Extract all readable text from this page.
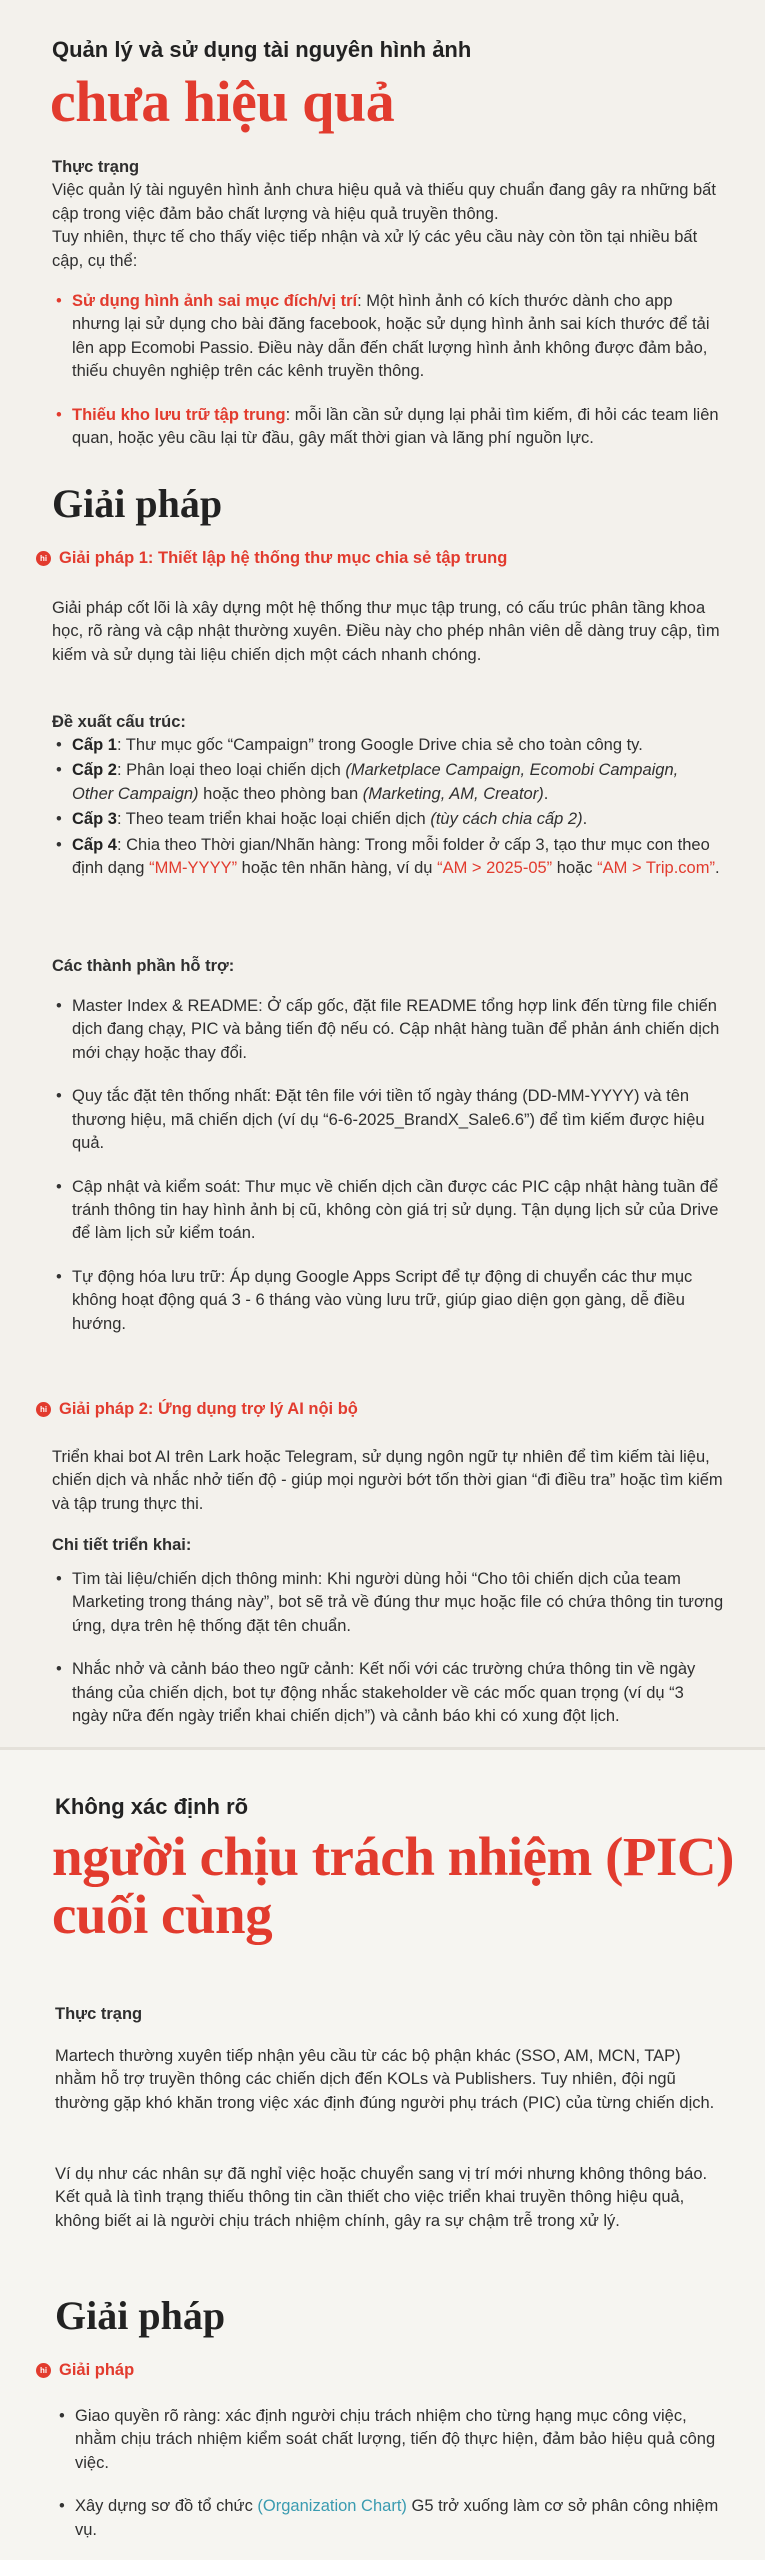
Quản lý và sử dụng tài nguyên hình ảnh
chưa hiệu quả
Thực trạng
Việc quản lý tài nguyên hình ảnh chưa hiệu quả và thiếu quy chuẩn đang gây ra những bất cập trong việc đảm bảo chất lượng và hiệu quả truyền thông.
Tuy nhiên, thực tế cho thấy việc tiếp nhận và xử lý các yêu cầu này còn tồn tại nhiều bất cập, cụ thể:
• Sử dụng hình ảnh sai mục đích/vị trí: Một hình ảnh có kích thước dành cho app nhưng lại sử dụng cho bài đăng facebook, hoặc sử dụng hình ảnh sai kích thước để tải lên app Ecomobi Passio. Điều này dẫn đến chất lượng hình ảnh không được đảm bảo, thiếu chuyên nghiệp trên các kênh truyền thông.
• Thiếu kho lưu trữ tập trung: mỗi lần cần sử dụng lại phải tìm kiếm, đi hỏi các team liên quan, hoặc yêu cầu lại từ đầu, gây mất thời gian và lãng phí nguồn lực.
Giải pháp
hi Giải pháp 1: Thiết lập hệ thống thư mục chia sẻ tập trung
Giải pháp cốt lõi là xây dựng một hệ thống thư mục tập trung, có cấu trúc phân tầng khoa học, rõ ràng và cập nhật thường xuyên. Điều này cho phép nhân viên dễ dàng truy cập, tìm kiếm và sử dụng tài liệu chiến dịch một cách nhanh chóng.
Đề xuất cấu trúc:
• Cấp 1: Thư mục gốc “Campaign” trong Google Drive chia sẻ cho toàn công ty.
• Cấp 2: Phân loại theo loại chiến dịch (Marketplace Campaign, Ecomobi Campaign, Other Campaign) hoặc theo phòng ban (Marketing, AM, Creator).
• Cấp 3: Theo team triển khai hoặc loại chiến dịch (tùy cách chia cấp 2).
• Cấp 4: Chia theo Thời gian/Nhãn hàng: Trong mỗi folder ở cấp 3, tạo thư mục con theo định dạng “MM-YYYY” hoặc tên nhãn hàng, ví dụ “AM > 2025-05” hoặc “AM > Trip.com”.
Các thành phần hỗ trợ:
• Master Index & README: Ở cấp gốc, đặt file README tổng hợp link đến từng file chiến dịch đang chạy, PIC và bảng tiến độ nếu có. Cập nhật hàng tuần để phản ánh chiến dịch mới chạy hoặc thay đổi.
• Quy tắc đặt tên thống nhất: Đặt tên file với tiền tố ngày tháng (DD-MM-YYYY) và tên thương hiệu, mã chiến dịch (ví dụ “6-6-2025_BrandX_Sale6.6”) để tìm kiếm được hiệu quả.
• Cập nhật và kiểm soát: Thư mục về chiến dịch cần được các PIC cập nhật hàng tuần để tránh thông tin hay hình ảnh bị cũ, không còn giá trị sử dụng. Tận dụng lịch sử của Drive để làm lịch sử kiểm toán.
• Tự động hóa lưu trữ: Áp dụng Google Apps Script để tự động di chuyển các thư mục không hoạt động quá 3 - 6 tháng vào vùng lưu trữ, giúp giao diện gọn gàng, dễ điều hướng.
hi Giải pháp 2: Ứng dụng trợ lý AI nội bộ
Triển khai bot AI trên Lark hoặc Telegram, sử dụng ngôn ngữ tự nhiên để tìm kiếm tài liệu, chiến dịch và nhắc nhở tiến độ - giúp mọi người bớt tốn thời gian “đi điều tra” hoặc tìm kiếm và tập trung thực thi.
Chi tiết triển khai:
• Tìm tài liệu/chiến dịch thông minh: Khi người dùng hỏi “Cho tôi chiến dịch của team Marketing trong tháng này”, bot sẽ trả về đúng thư mục hoặc file có chứa thông tin tương ứng, dựa trên hệ thống đặt tên chuẩn.
• Nhắc nhở và cảnh báo theo ngữ cảnh: Kết nối với các trường chứa thông tin về ngày tháng của chiến dịch, bot tự động nhắc stakeholder về các mốc quan trọng (ví dụ “3 ngày nữa đến ngày triển khai chiến dịch”) và cảnh báo khi có xung đột lịch.
Không xác định rõ
người chịu trách nhiệm (PIC)
cuối cùng
Thực trạng
Martech thường xuyên tiếp nhận yêu cầu từ các bộ phận khác (SSO, AM, MCN, TAP) nhằm hỗ trợ truyền thông các chiến dịch đến KOLs và Publishers. Tuy nhiên, đội ngũ thường gặp khó khăn trong việc xác định đúng người phụ trách (PIC) của từng chiến dịch.
Ví dụ như các nhân sự đã nghỉ việc hoặc chuyển sang vị trí mới nhưng không thông báo. Kết quả là tình trạng thiếu thông tin cần thiết cho việc triển khai truyền thông hiệu quả, không biết ai là người chịu trách nhiệm chính, gây ra sự chậm trễ trong xử lý.
Giải pháp
hi Giải pháp
• Giao quyền rõ ràng: xác định người chịu trách nhiệm cho từng hạng mục công việc, nhằm chịu trách nhiệm kiểm soát chất lượng, tiến độ thực hiện, đảm bảo hiệu quả công việc.
• Xây dựng sơ đồ tổ chức (Organization Chart) G5 trở xuống làm cơ sở phân công nhiệm vụ.
